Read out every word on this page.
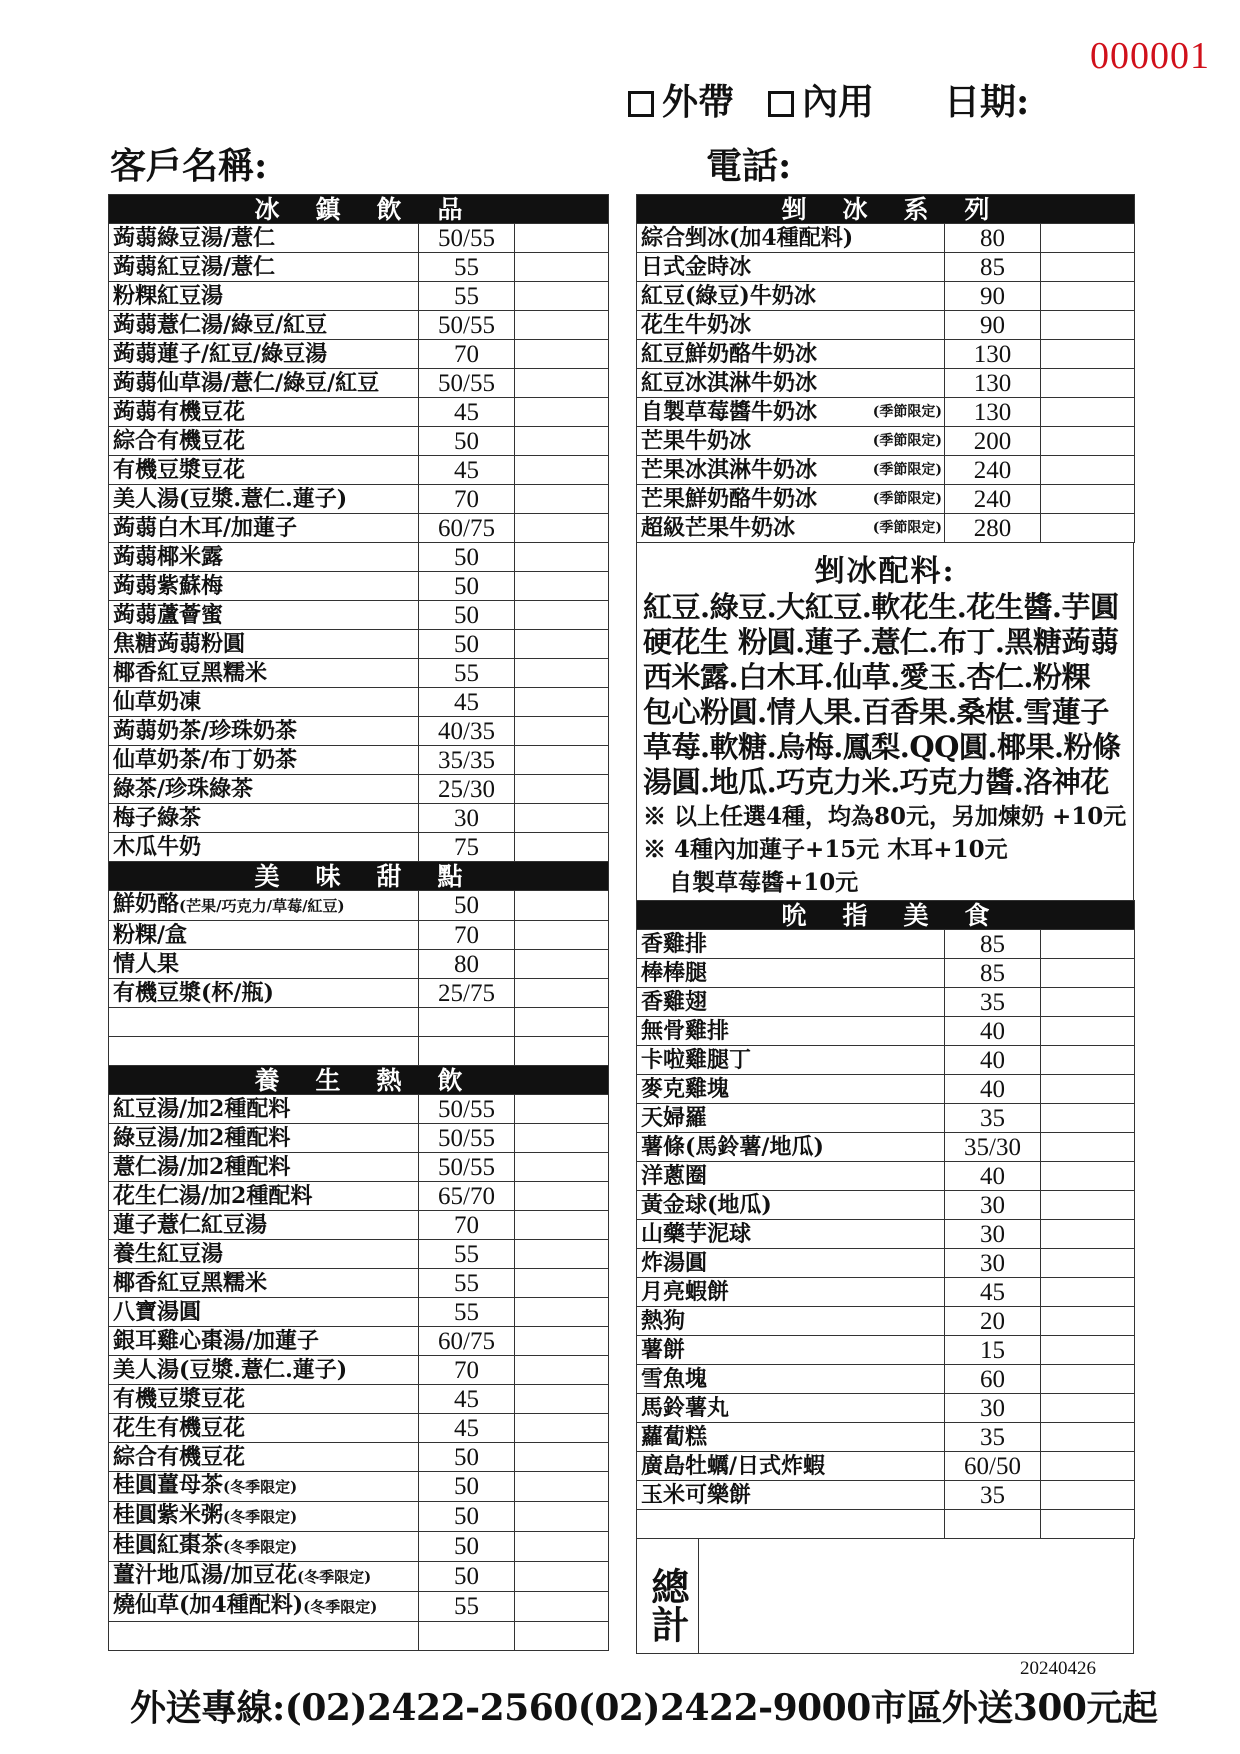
000001
外帶	內用 日期:
客戶名稱:	電話:
冰鎮飲品		
蒟蒻綠豆湯/薏仁	50/55	
蒟蒻紅豆湯/薏仁	55	
粉粿紅豆湯	55	
蒟蒻薏仁湯/綠豆/紅豆	50/55	
蒟蒻蓮子/紅豆/綠豆湯	70	
蒟蒻仙草湯/薏仁/綠豆/紅豆	50/55	
蒟蒻有機豆花	45	
綜合有機豆花	50	
有機豆漿豆花	45	
美人湯(豆漿.薏仁.蓮子)	70	
蒟蒻白木耳/加蓮子	60/75	
蒟蒻椰米露	50	
蒟蒻紫蘇梅	50	
蒟蒻蘆薈蜜	50	
焦糖蒟蒻粉圓	50	
椰香紅豆黑糯米	55	
仙草奶凍	45	
蒟蒻奶茶/珍珠奶茶	40/35	
仙草奶茶/布丁奶茶	35/35	
綠茶/珍珠綠茶	25/30	
梅子綠茶	30	
木瓜牛奶	75	
美味甜點		
鮮奶酪(芒果/巧克力/草莓/紅豆)	50	
粉粿/盒	70	
情人果	80	
有機豆漿(杯/瓶)	25/75	

養生熱飲		
紅豆湯/加2種配料	50/55	
綠豆湯/加2種配料	50/55	
薏仁湯/加2種配料	50/55	
花生仁湯/加2種配料	65/70	
蓮子薏仁紅豆湯	70	
養生紅豆湯	55	
椰香紅豆黑糯米	55	
八寶湯圓	55	
銀耳雞心棗湯/加蓮子	60/75	
美人湯(豆漿.薏仁.蓮子)	70	
有機豆漿豆花	45	
花生有機豆花	45	
綜合有機豆花	50	
桂圓薑母茶(冬季限定)	50	
桂圓紫米粥(冬季限定)	50	
桂圓紅棗茶(冬季限定)	50	
薑汁地瓜湯/加豆花(冬季限定)	50	
燒仙草(加4種配料)(冬季限定)	55	

剉冰系列		
綜合剉冰(加4種配料)	80	
日式金時冰	85	
紅豆(綠豆)牛奶冰	90	
花生牛奶冰	90	
紅豆鮮奶酪牛奶冰	130	
紅豆冰淇淋牛奶冰	130	
自製草莓醬牛奶冰 (季節限定)	130	
芒果牛奶冰 (季節限定)	200	
芒果冰淇淋牛奶冰 (季節限定)	240	
芒果鮮奶酪牛奶冰 (季節限定)	240	
超級芒果牛奶冰 (季節限定)	280	
剉冰配料:
紅豆.綠豆.大紅豆.軟花生.花生醬.芋圓
硬花生 粉圓.蓮子.薏仁.布丁.黑糖蒟蒻
西米露.白木耳.仙草.愛玉.杏仁.粉粿
包心粉圓.情人果.百香果.桑椹.雪蓮子
草莓.軟糖.烏梅.鳳梨.QQ圓.椰果.粉條
湯圓.地瓜.巧克力米.巧克力醬.洛神花
※ 以上任選4種，均為80元，另加煉奶 +10元
※ 4種內加蓮子+15元 木耳+10元
自製草莓醬+10元
吮指美食		
香雞排	85	
棒棒腿	85	
香雞翅	35	
無骨雞排	40	
卡啦雞腿丁	40	
麥克雞塊	40	
天婦羅	35	
薯條(馬鈴薯/地瓜)	35/30	
洋蔥圈	40	
黃金球(地瓜)	30	
山藥芋泥球	30	
炸湯圓	30	
月亮蝦餅	45	
熱狗	20	
薯餅	15	
雪魚塊	60	
馬鈴薯丸	30	
蘿蔔糕	35	
廣島牡蠣/日式炸蝦	60/50	
玉米可樂餅	35	

總計
20240426
外送專線:(02)2422-2560(02)2422-9000市區外送300元起
